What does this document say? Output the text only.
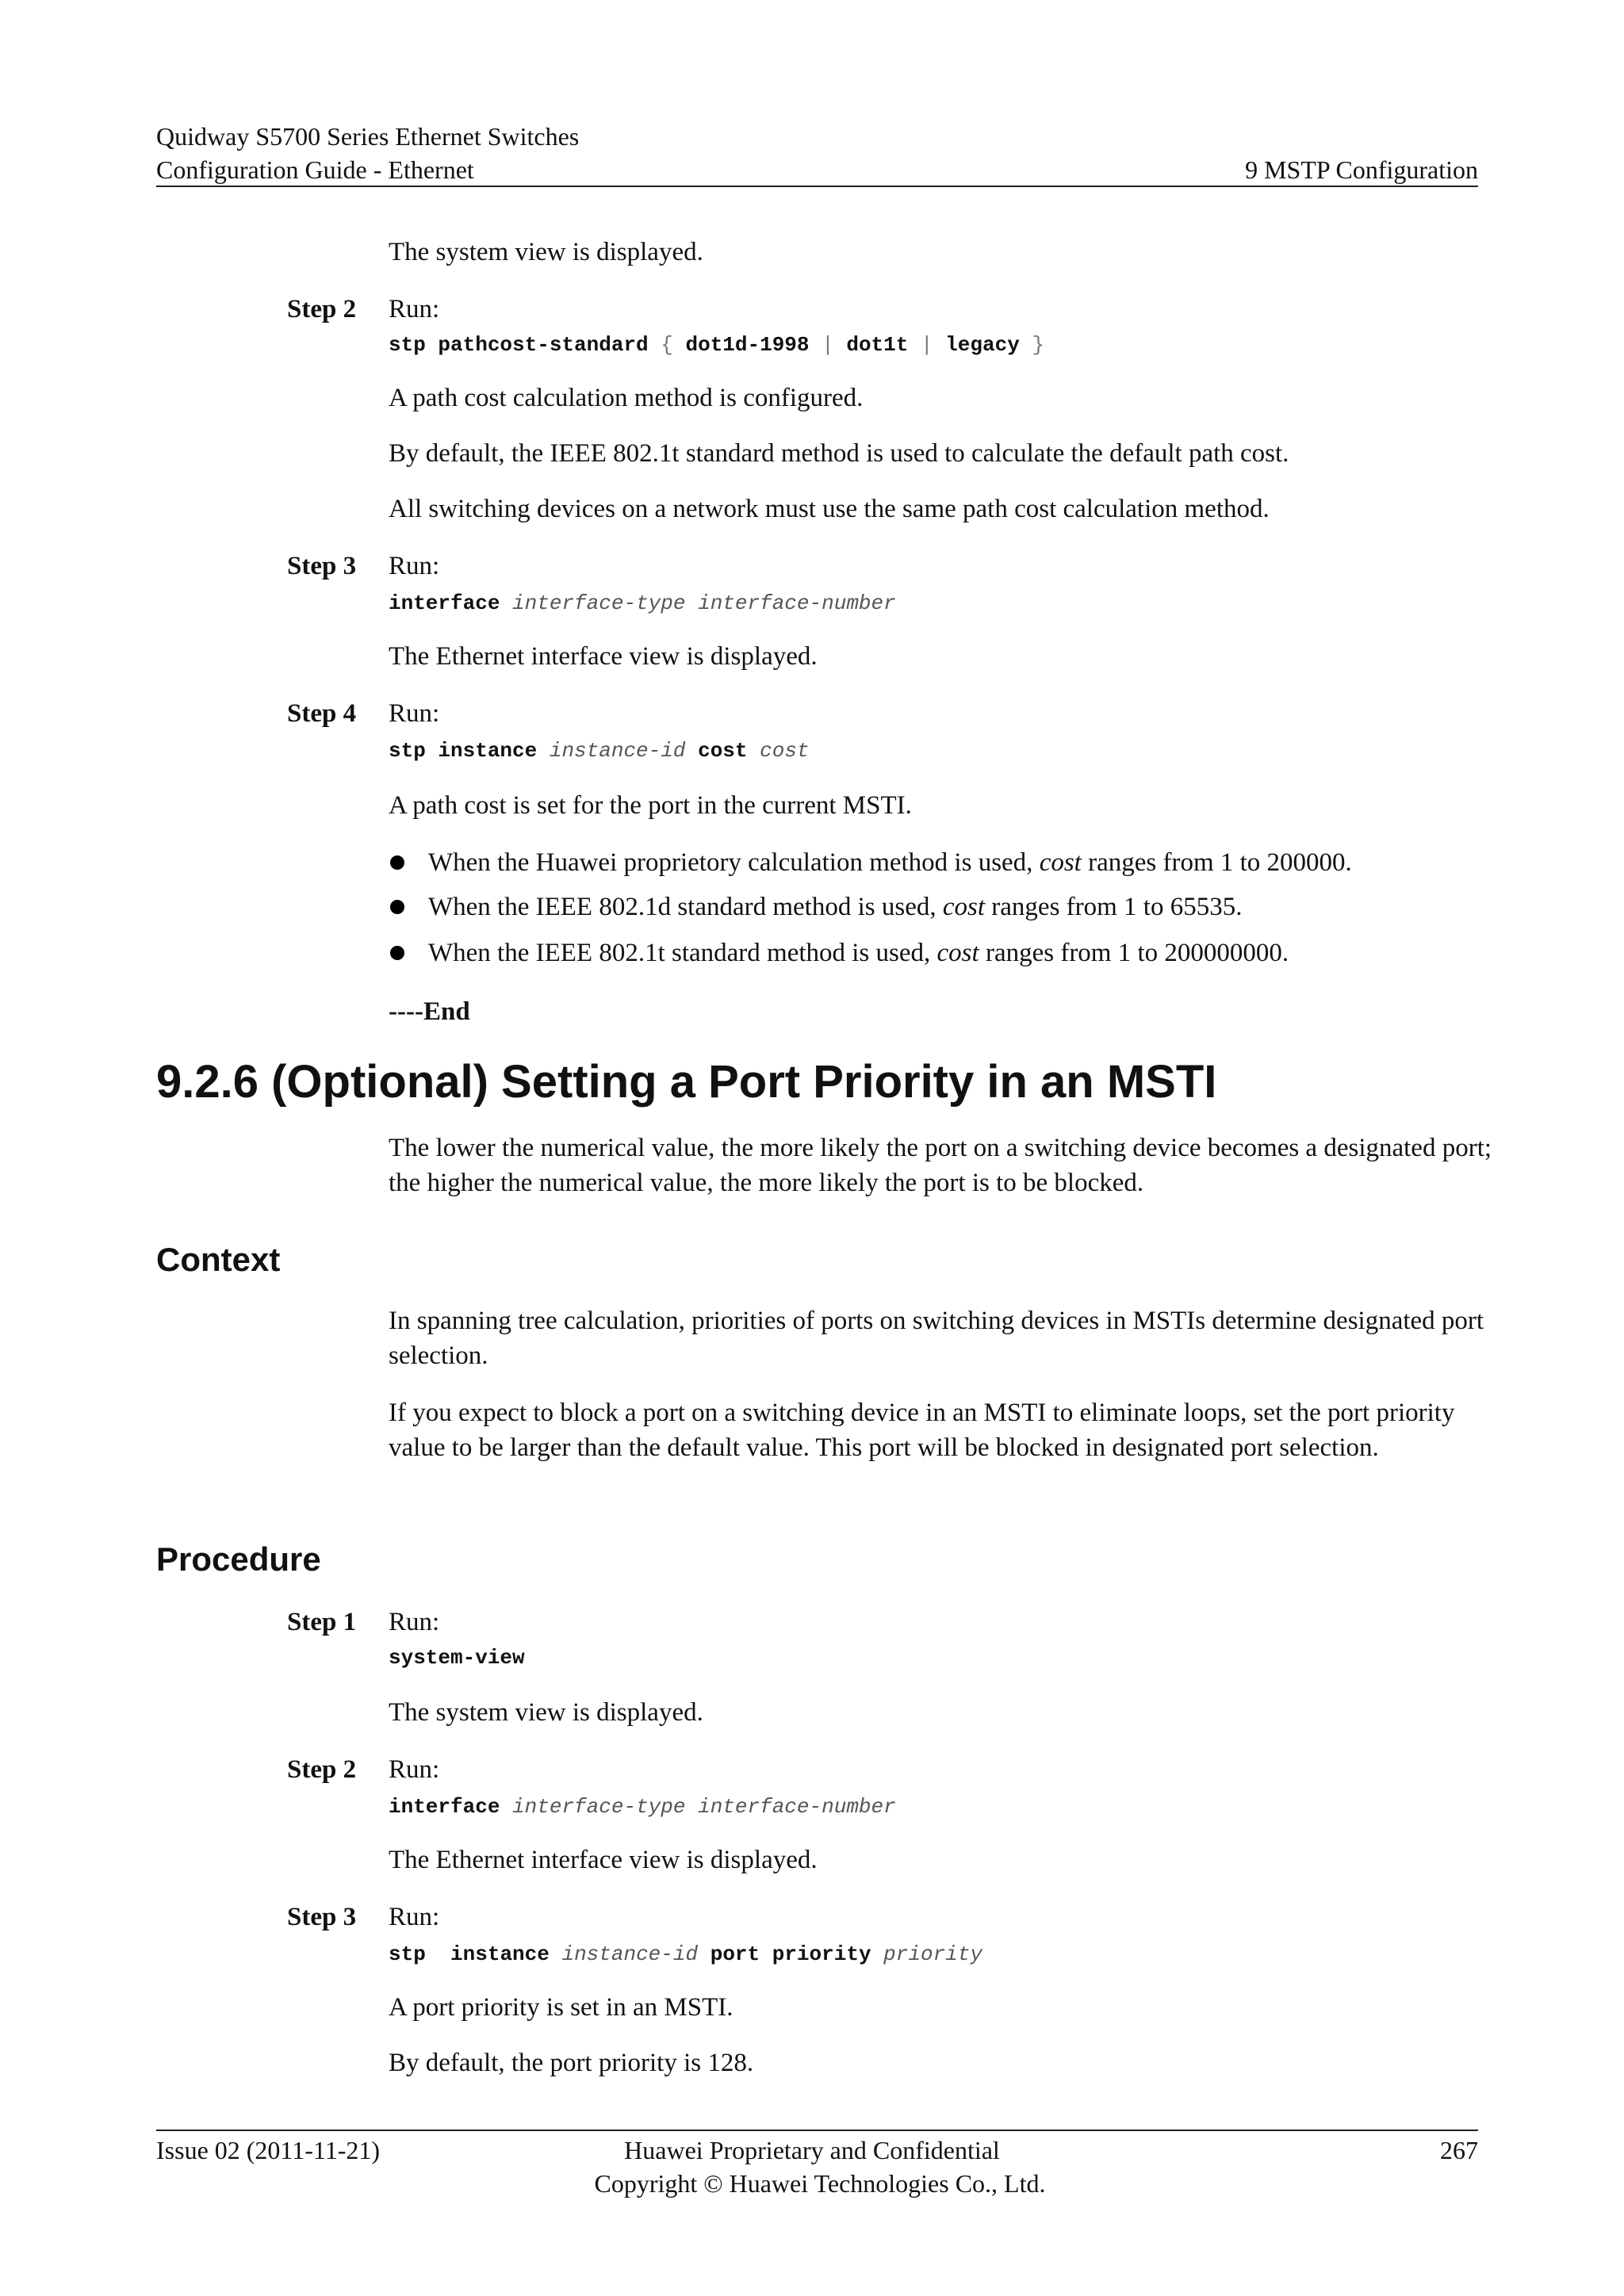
Quidway S5700 Series Ethernet Switches
Configuration Guide - Ethernet	9 MSTP Configuration
The system view is displayed.
Step 2 Run:
stp pathcost-standard { dot1d-1998 | dot1t | legacy }
A path cost calculation method is configured.
By default, the IEEE 802.1t standard method is used to calculate the default path cost.
All switching devices on a network must use the same path cost calculation method.
Step 3 Run:
interface interface-type interface-number
The Ethernet interface view is displayed.
Step 4 Run:
stp instance instance-id cost cost
A path cost is set for the port in the current MSTI.
When the Huawei proprietory calculation method is used, cost ranges from 1 to 200000.
When the IEEE 802.1d standard method is used, cost ranges from 1 to 65535.
When the IEEE 802.1t standard method is used, cost ranges from 1 to 200000000.
----End
9.2.6 (Optional) Setting a Port Priority in an MSTI
The lower the numerical value, the more likely the port on a switching device becomes a designated port; the higher the numerical value, the more likely the port is to be blocked.
Context
In spanning tree calculation, priorities of ports on switching devices in MSTIs determine designated port selection.
If you expect to block a port on a switching device in an MSTI to eliminate loops, set the port priority value to be larger than the default value. This port will be blocked in designated port selection.
Procedure
Step 1 Run:
system-view
The system view is displayed.
Step 2 Run:
interface interface-type interface-number
The Ethernet interface view is displayed.
Step 3 Run:
stp instance instance-id port priority priority
A port priority is set in an MSTI.
By default, the port priority is 128.
Issue 02 (2011-11-21)	Huawei Proprietary and Confidential
Copyright © Huawei Technologies Co., Ltd.
267
